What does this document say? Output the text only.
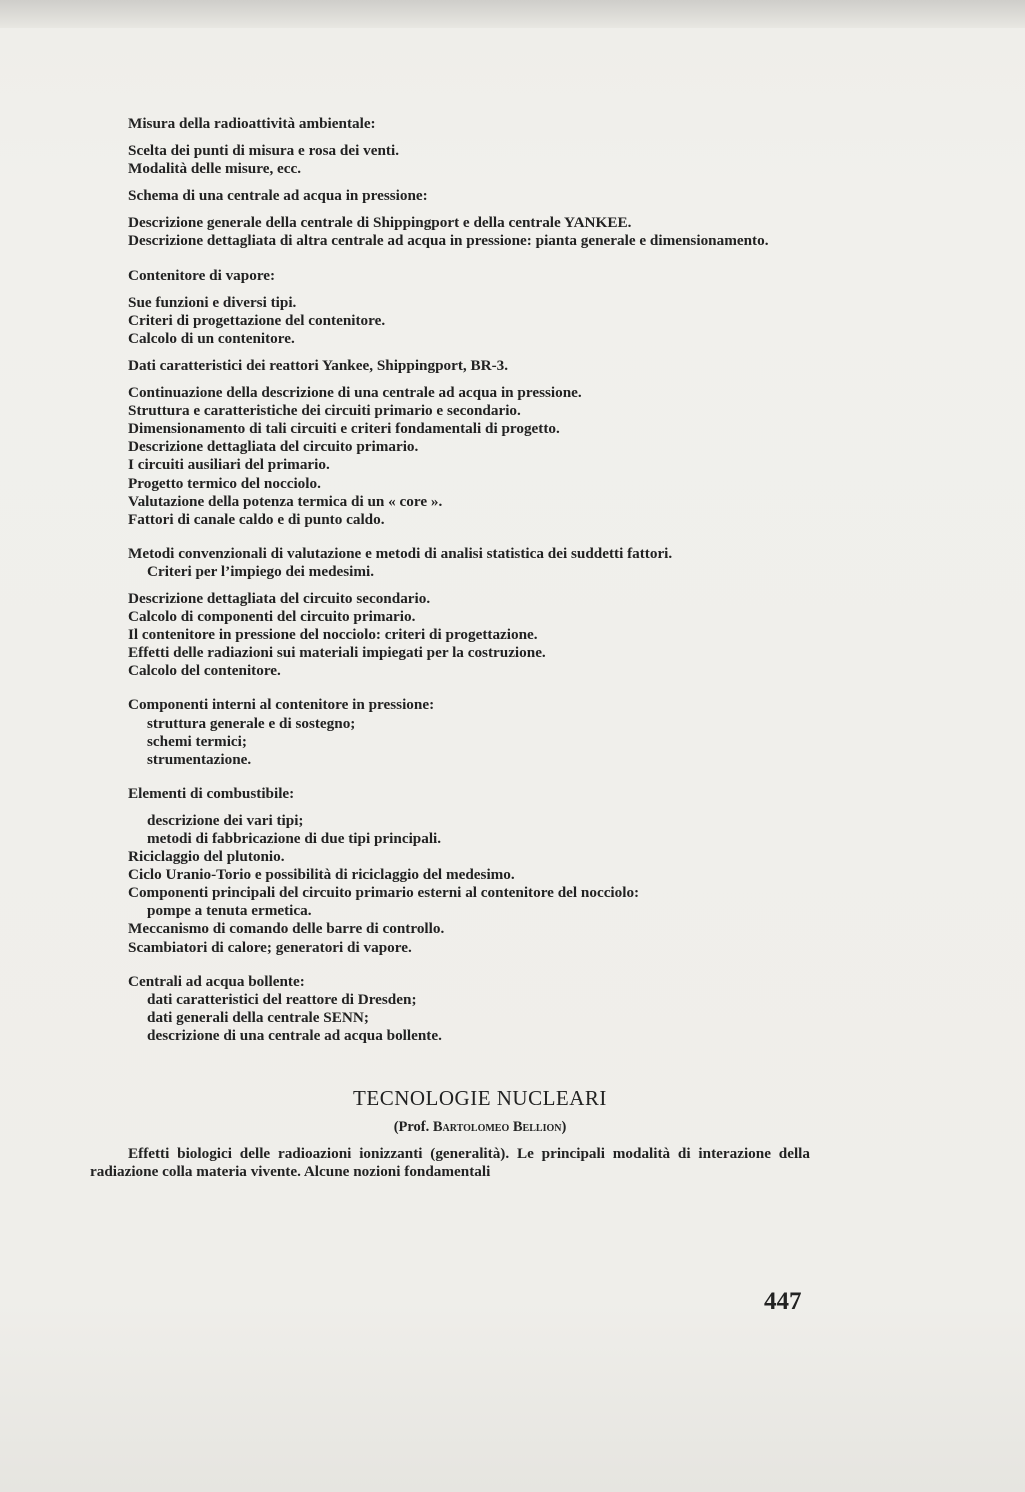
Misura della radioattività ambientale:
Scelta dei punti di misura e rosa dei venti.
Modalità delle misure, ecc.
Schema di una centrale ad acqua in pressione:
Descrizione generale della centrale di Shippingport e della centrale YANKEE.
Descrizione dettagliata di altra centrale ad acqua in pressione: pianta generale e dimensionamento.
Contenitore di vapore:
Sue funzioni e diversi tipi.
Criteri di progettazione del contenitore.
Calcolo di un contenitore.
Dati caratteristici dei reattori Yankee, Shippingport, BR-3.
Continuazione della descrizione di una centrale ad acqua in pressione.
Struttura e caratteristiche dei circuiti primario e secondario.
Dimensionamento di tali circuiti e criteri fondamentali di progetto.
Descrizione dettagliata del circuito primario.
I circuiti ausiliari del primario.
Progetto termico del nocciolo.
Valutazione della potenza termica di un « core ».
Fattori di canale caldo e di punto caldo.
Metodi convenzionali di valutazione e metodi di analisi statistica dei suddetti fattori.
Criteri per l’impiego dei medesimi.
Descrizione dettagliata del circuito secondario.
Calcolo di componenti del circuito primario.
Il contenitore in pressione del nocciolo: criteri di progettazione.
Effetti delle radiazioni sui materiali impiegati per la costruzione.
Calcolo del contenitore.
Componenti interni al contenitore in pressione:
struttura generale e di sostegno;
schemi termici;
strumentazione.
Elementi di combustibile:
descrizione dei vari tipi;
metodi di fabbricazione di due tipi principali.
Riciclaggio del plutonio.
Ciclo Uranio-Torio e possibilità di riciclaggio del medesimo.
Componenti principali del circuito primario esterni al contenitore del nocciolo:
pompe a tenuta ermetica.
Meccanismo di comando delle barre di controllo.
Scambiatori di calore; generatori di vapore.
Centrali ad acqua bollente:
dati caratteristici del reattore di Dresden;
dati generali della centrale SENN;
descrizione di una centrale ad acqua bollente.
TECNOLOGIE NUCLEARI
(Prof. Bartolomeo Bellion)
Effetti biologici delle radioazioni ionizzanti (generalità). Le principali modalità di interazione della radiazione colla materia vivente. Alcune nozioni fondamentali
447
